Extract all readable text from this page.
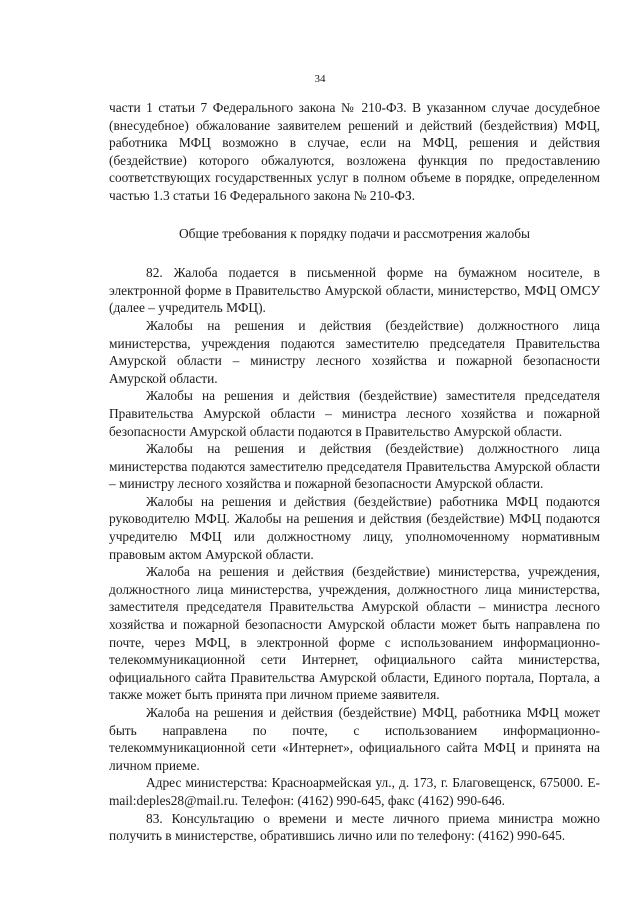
34

части 1 статьи 7 Федерального закона № 210-ФЗ. В указанном случае досудебное (внесудебное) обжалование заявителем решений и действий (бездействия) МФЦ, работника МФЦ возможно в случае, если на МФЦ, решения и действия (бездействие) которого обжалуются, возложена функция по предоставлению соответствующих государственных услуг в полном объеме в порядке, определенном частью 1.3 статьи 16 Федерального закона № 210-ФЗ.

Общие требования к порядку подачи и рассмотрения жалобы

82. Жалоба подается в письменной форме на бумажном носителе, в электронной форме в Правительство Амурской области, министерство, МФЦ ОМСУ (далее – учредитель МФЦ).

Жалобы на решения и действия (бездействие) должностного лица министерства, учреждения подаются заместителю председателя Правительства Амурской области – министру лесного хозяйства и пожарной безопасности Амурской области.

Жалобы на решения и действия (бездействие) заместителя председателя Правительства Амурской области – министра лесного хозяйства и пожарной безопасности Амурской области подаются в Правительство Амурской области.

Жалобы на решения и действия (бездействие) должностного лица министерства подаются заместителю председателя Правительства Амурской области – министру лесного хозяйства и пожарной безопасности Амурской области.

Жалобы на решения и действия (бездействие) работника МФЦ подаются руководителю МФЦ. Жалобы на решения и действия (бездействие) МФЦ подаются учредителю МФЦ или должностному лицу, уполномоченному нормативным правовым актом Амурской области.

Жалоба на решения и действия (бездействие) министерства, учреждения, должностного лица министерства, учреждения, должностного лица министерства, заместителя председателя Правительства Амурской области – министра лесного хозяйства и пожарной безопасности Амурской области может быть направлена по почте, через МФЦ, в электронной форме с использованием информационно-телекоммуникационной сети Интернет, официального сайта министерства, официального сайта Правительства Амурской области, Единого портала, Портала, а также может быть принята при личном приеме заявителя.

Жалоба на решения и действия (бездействие) МФЦ, работника МФЦ может быть направлена по почте, с использованием информационно-телекоммуникационной сети «Интернет», официального сайта МФЦ и принята на личном приеме.

Адрес министерства: Красноармейская ул., д. 173, г. Благовещенск, 675000. E-mail:deples28@mail.ru. Телефон: (4162) 990-645, факс (4162) 990-646.

83. Консультацию о времени и месте личного приема министра можно получить в министерстве, обратившись лично или по телефону: (4162) 990-645.
